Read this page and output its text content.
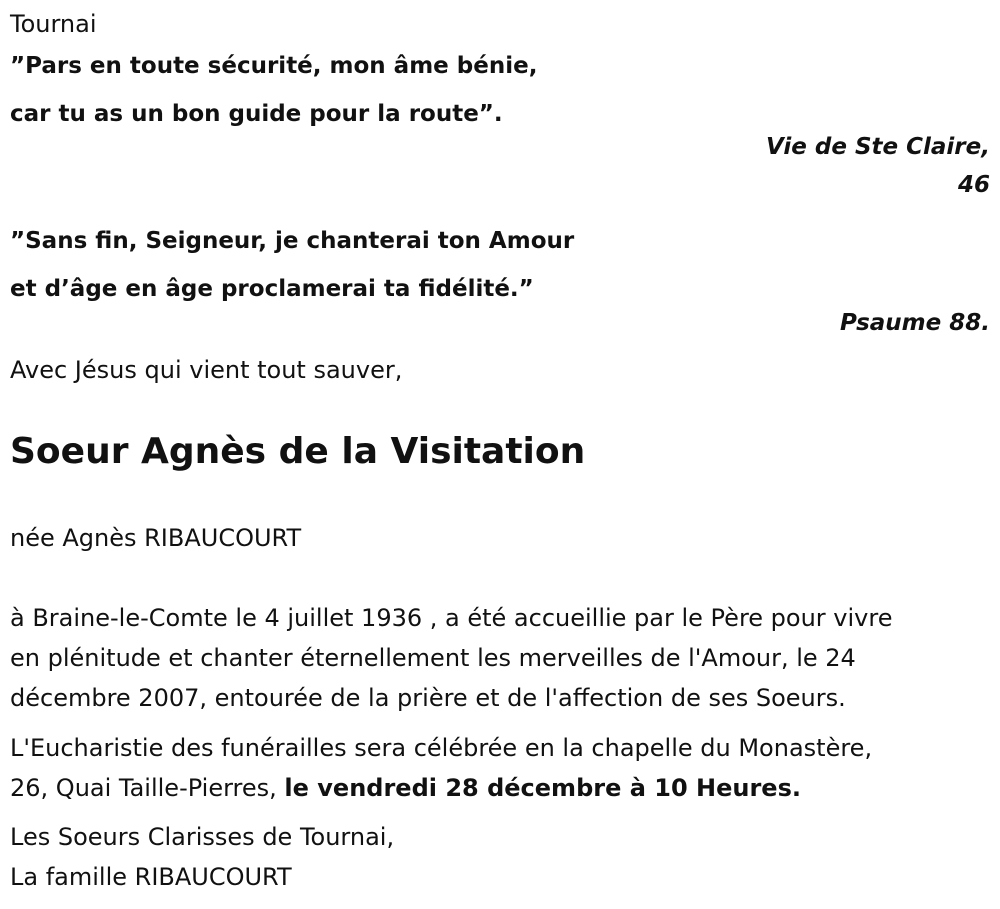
Tournai
”Pars en toute sécurité, mon âme bénie,
car tu as un bon guide pour la route”.
Vie de Ste Claire,
46
”Sans fin, Seigneur, je chanterai ton Amour
et d’âge en âge proclamerai ta fidélité.”
Psaume 88.
Avec Jésus qui vient tout sauver,
Soeur Agnès de la Visitation
née Agnès RIBAUCOURT
à Braine-le-Comte le 4 juillet 1936 , a été accueillie par le Père pour vivre
en plénitude et chanter éternellement les merveilles de l'Amour, le 24
décembre 2007, entourée de la prière et de l'affection de ses Soeurs.
L'Eucharistie des funérailles sera célébrée en la chapelle du Monastère,
26, Quai Taille-Pierres, le vendredi 28 décembre à 10 Heures.
Les Soeurs Clarisses de Tournai,
La famille RIBAUCOURT
